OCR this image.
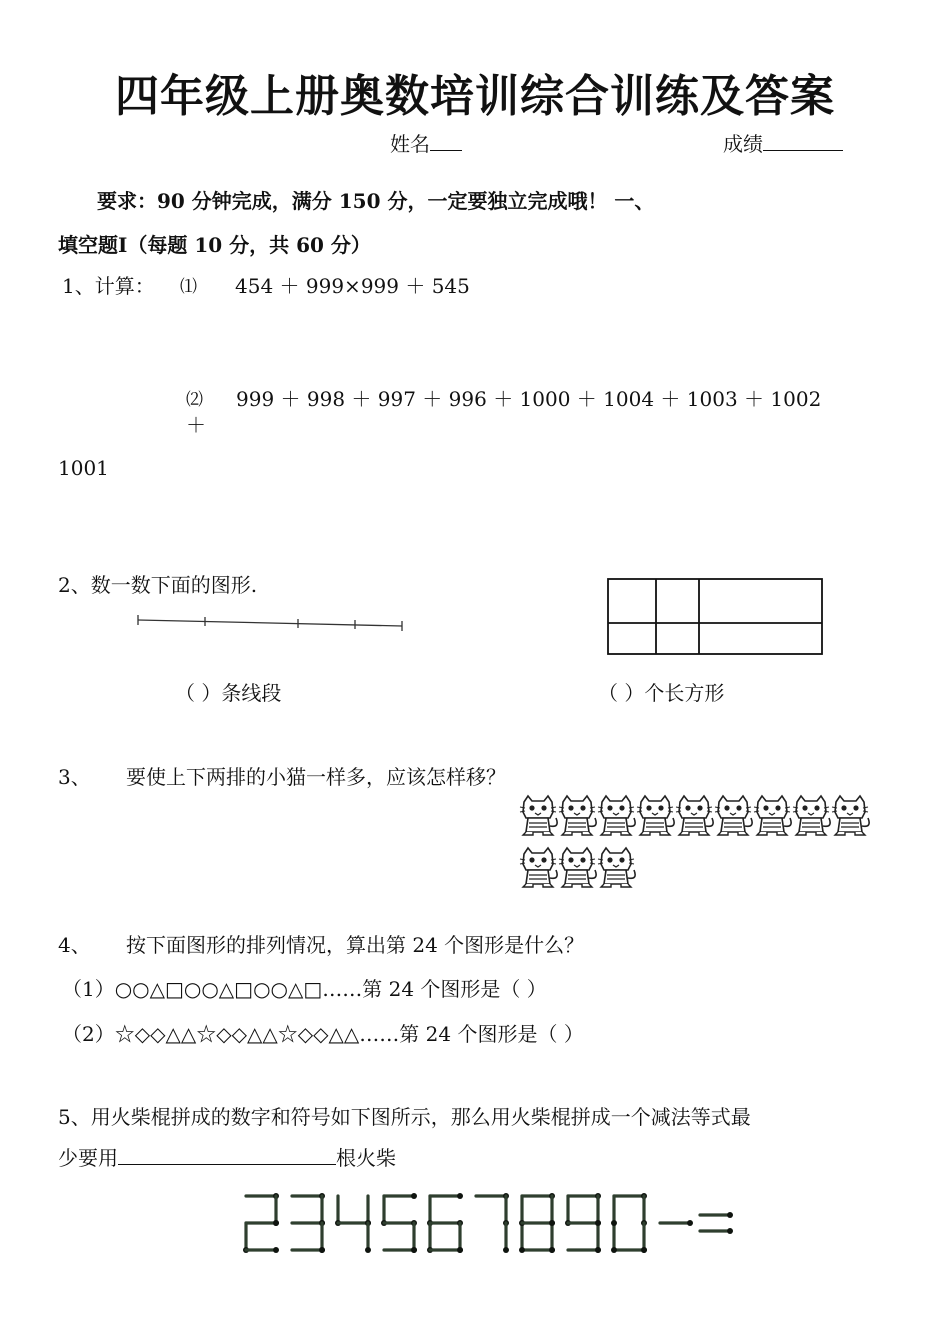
四年级上册奥数培训综合训练及答案
姓名	成绩
要求：90 分钟完成，满分 150 分，一定要独立完成哦！ 一、
填空题Ⅰ（每题 10 分，共 60 分）
1、计算： ⑴ 454 ＋ 999×999 ＋ 545
⑵ 999 ＋ 998 ＋ 997 ＋ 996 ＋ 1000 ＋ 1004 ＋ 1003 ＋ 1002
＋
1001
2、数一数下面的图形.
（ ）条线段	（ ）个长方形
3、 要使上下两排的小猫一样多，应该怎样移？
4、 按下面图形的排列情况，算出第 24 个图形是什么？
（1）○○△□○○△□○○△□……第 24 个图形是（ ）
（2）☆◇◇△△☆◇◇△△☆◇◇△△……第 24 个图形是（ ）
5、用火柴棍拼成的数字和符号如下图所示，那么用火柴棍拼成一个减法等式最
少要用	根火柴
